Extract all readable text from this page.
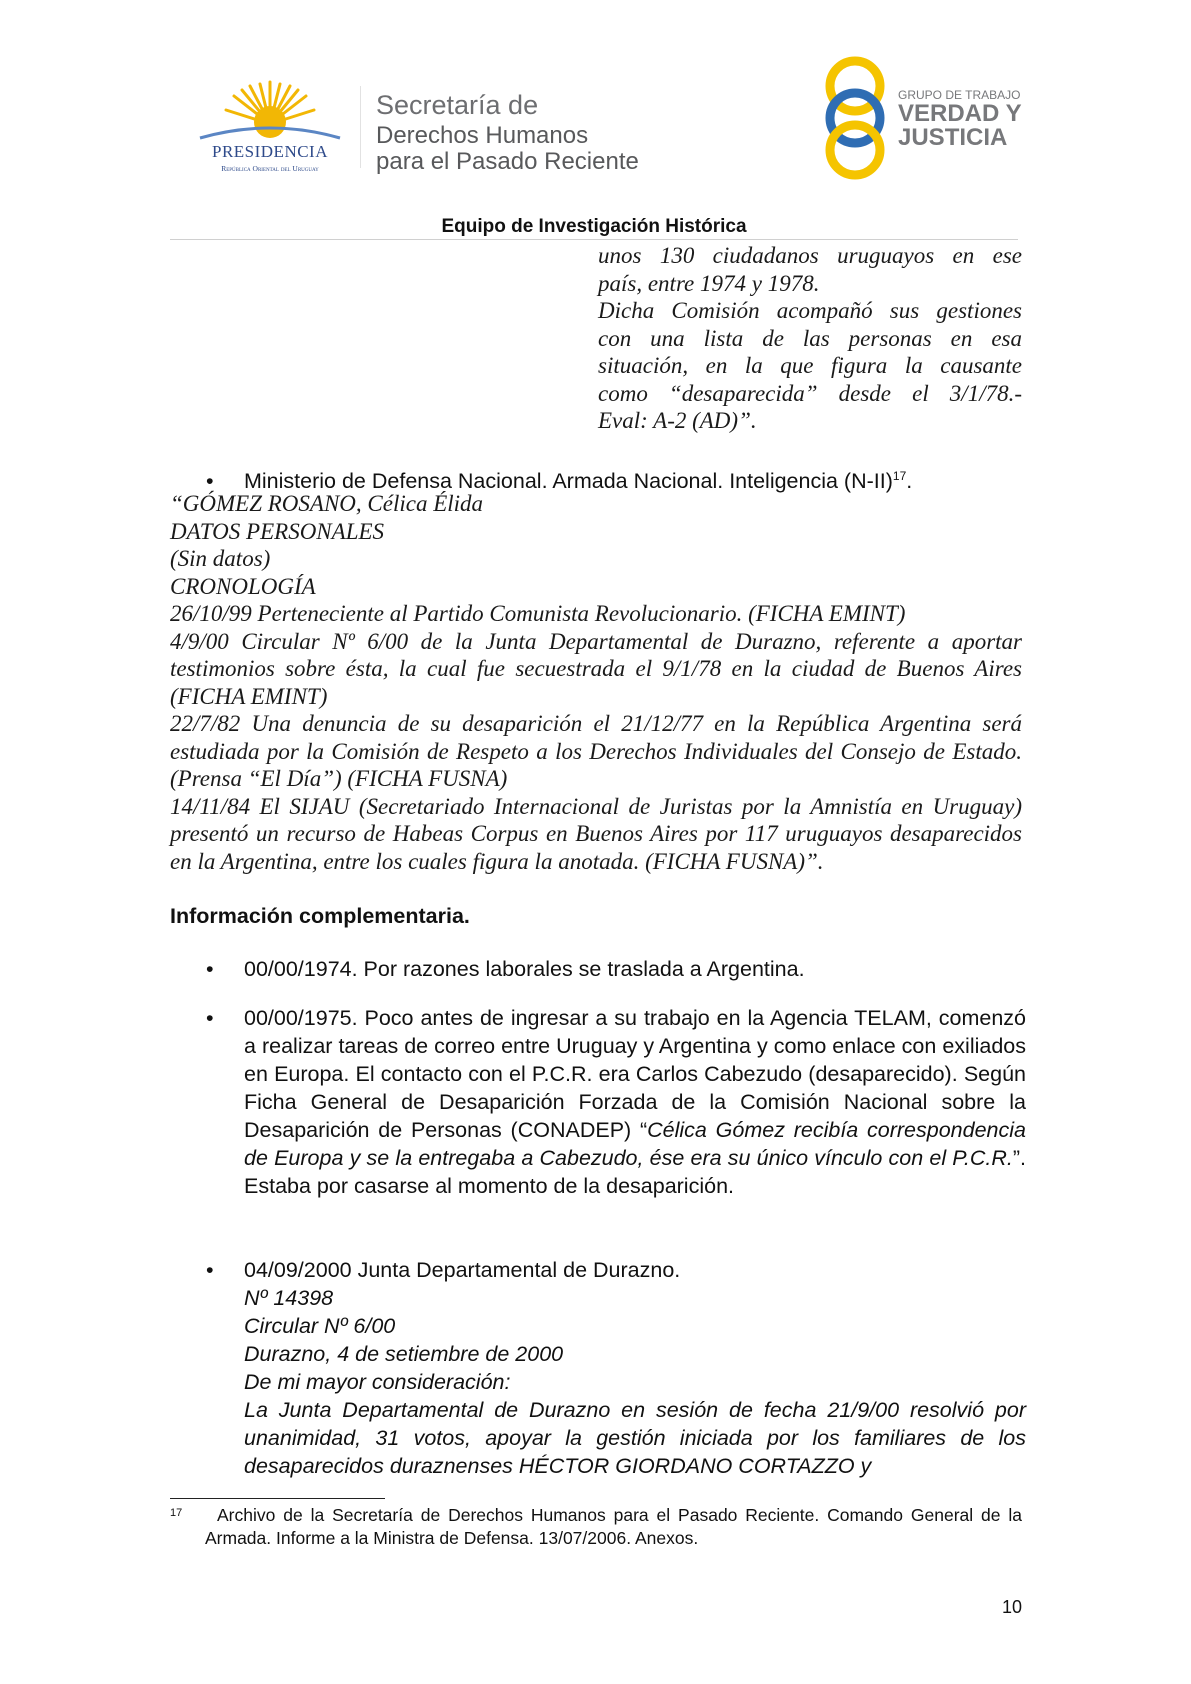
PRESIDENCIA
República Oriental del Uruguay
Secretaría de
Derechos Humanos
para el Pasado Reciente
GRUPO DE TRABAJO
VERDAD Y
JUSTICIA
Equipo de Investigación Histórica
unos 130 ciudadanos uruguayos en ese
país, entre 1974 y 1978.
Dicha Comisión acompañó sus gestiones
con una lista de las personas en esa
situación, en la que figura la causante
como “desaparecida” desde el 3/1/78.-
Eval: A-2 (AD)”.
• Ministerio de Defensa Nacional. Armada Nacional. Inteligencia $(N-II)^{17}$.
“GÓMEZ ROSANO, Célica Élida
DATOS PERSONALES
(Sin datos)
CRONOLOGÍA
26/10/99 Perteneciente al Partido Comunista Revolucionario. (FICHA EMINT)
4/9/00 Circular Nº 6/00 de la Junta Departamental de Durazno, referente a aportar testimonios sobre ésta, la cual fue secuestrada el 9/1/78 en la ciudad de Buenos Aires (FICHA EMINT)
22/7/82 Una denuncia de su desaparición el 21/12/77 en la República Argentina será estudiada por la Comisión de Respeto a los Derechos Individuales del Consejo de Estado. (Prensa “El Día”) (FICHA FUSNA)
14/11/84 El SIJAU (Secretariado Internacional de Juristas por la Amnistía en Uruguay) presentó un recurso de Habeas Corpus en Buenos Aires por 117 uruguayos desaparecidos en la Argentina, entre los cuales figura la anotada. (FICHA FUSNA)”.
Información complementaria.
• 00/00/1974. Por razones laborales se traslada a Argentina.
• 00/00/1975. Poco antes de ingresar a su trabajo en la Agencia TELAM, comenzó a realizar tareas de correo entre Uruguay y Argentina y como enlace con exiliados en Europa. El contacto con el P.C.R. era Carlos Cabezudo (desaparecido). Según Ficha General de Desaparición Forzada de la Comisión Nacional sobre la Desaparición de Personas (CONADEP) “Célica Gómez recibía correspondencia de Europa y se la entregaba a Cabezudo, ése era su único vínculo con el P.C.R.”. Estaba por casarse al momento de la desaparición.
• 04/09/2000 Junta Departamental de Durazno.
Nº 14398
Circular Nº 6/00
Durazno, 4 de setiembre de 2000
De mi mayor consideración:
La Junta Departamental de Durazno en sesión de fecha 21/9/00 resolvió por unanimidad, 31 votos, apoyar la gestión iniciada por los familiares de los desaparecidos duraznenses HÉCTOR GIORDANO CORTAZZO y
17	Archivo de la Secretaría de Derechos Humanos para el Pasado Reciente. Comando General de la Armada. Informe a la Ministra de Defensa. 13/07/2006. Anexos.
10
